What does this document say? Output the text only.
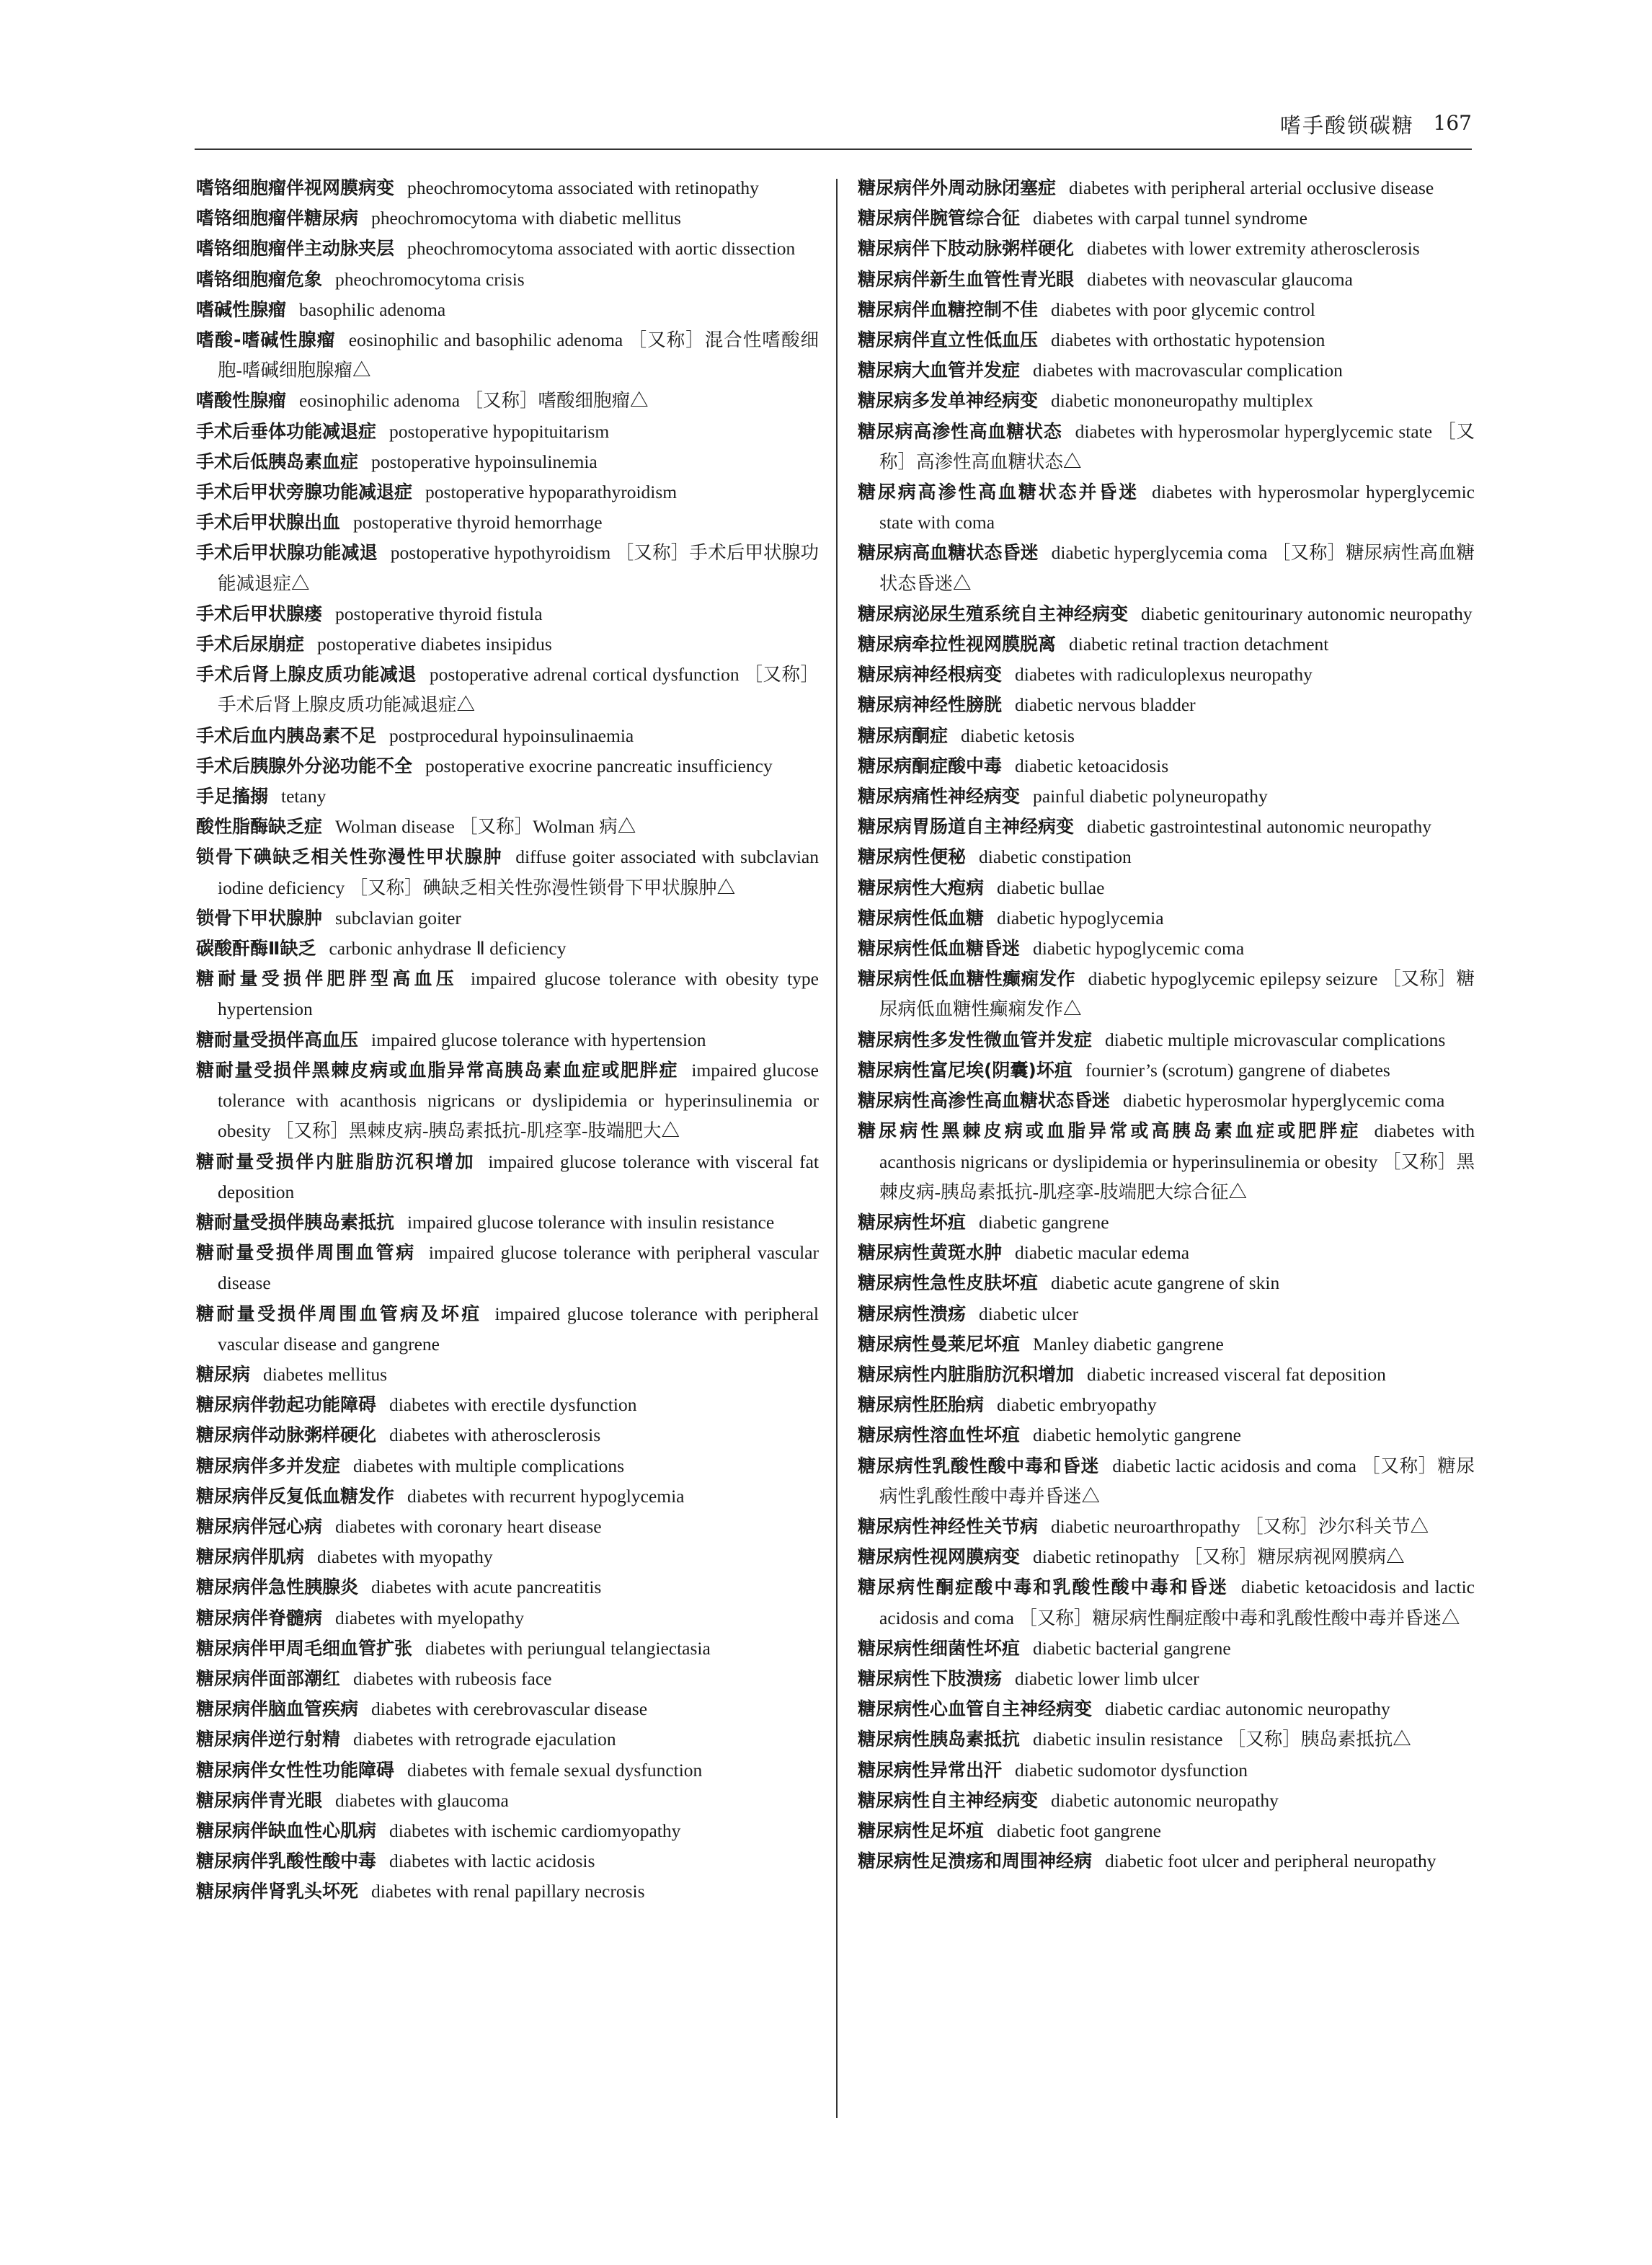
嗜手酸锁碳糖 167
嗜铬细胞瘤伴视网膜病变 pheochromocytoma associated with retinopathy
嗜铬细胞瘤伴糖尿病 pheochromocytoma with diabetic mellitus
嗜铬细胞瘤伴主动脉夹层 pheochromocytoma associated with aortic dissection
嗜铬细胞瘤危象 pheochromocytoma crisis
嗜碱性腺瘤 basophilic adenoma
嗜酸-嗜碱性腺瘤 eosinophilic and basophilic adenoma ［又称］混合性嗜酸细胞-嗜碱细胞腺瘤△
嗜酸性腺瘤 eosinophilic adenoma ［又称］嗜酸细胞瘤△
手术后垂体功能减退症 postoperative hypopituitarism
手术后低胰岛素血症 postoperative hypoinsulinemia
手术后甲状旁腺功能减退症 postoperative hypoparathyroidism
手术后甲状腺出血 postoperative thyroid hemorrhage
手术后甲状腺功能减退 postoperative hypothyroidism ［又称］手术后甲状腺功能减退症△
手术后甲状腺瘘 postoperative thyroid fistula
手术后尿崩症 postoperative diabetes insipidus
手术后肾上腺皮质功能减退 postoperative adrenal cortical dysfunction ［又称］手术后肾上腺皮质功能减退症△
手术后血内胰岛素不足 postprocedural hypoinsulinaemia
手术后胰腺外分泌功能不全 postoperative exocrine pancreatic insufficiency
手足搐搦 tetany
酸性脂酶缺乏症 Wolman disease ［又称］Wolman 病△
锁骨下碘缺乏相关性弥漫性甲状腺肿 diffuse goiter associated with subclavian iodine deficiency ［又称］碘缺乏相关性弥漫性锁骨下甲状腺肿△
锁骨下甲状腺肿 subclavian goiter
碳酸酐酶Ⅱ缺乏 carbonic anhydrase Ⅱ deficiency
糖耐量受损伴肥胖型高血压 impaired glucose tolerance with obesity type hypertension
糖耐量受损伴高血压 impaired glucose tolerance with hypertension
糖耐量受损伴黑棘皮病或血脂异常高胰岛素血症或肥胖症 impaired glucose tolerance with acanthosis nigricans or dyslipidemia or hyperinsulinemia or obesity ［又称］黑棘皮病-胰岛素抵抗-肌痉挛-肢端肥大△
糖耐量受损伴内脏脂肪沉积增加 impaired glucose tolerance with visceral fat deposition
糖耐量受损伴胰岛素抵抗 impaired glucose tolerance with insulin resistance
糖耐量受损伴周围血管病 impaired glucose tolerance with peripheral vascular disease
糖耐量受损伴周围血管病及坏疽 impaired glucose tolerance with peripheral vascular disease and gangrene
糖尿病 diabetes mellitus
糖尿病伴勃起功能障碍 diabetes with erectile dysfunction
糖尿病伴动脉粥样硬化 diabetes with atherosclerosis
糖尿病伴多并发症 diabetes with multiple complications
糖尿病伴反复低血糖发作 diabetes with recurrent hypoglycemia
糖尿病伴冠心病 diabetes with coronary heart disease
糖尿病伴肌病 diabetes with myopathy
糖尿病伴急性胰腺炎 diabetes with acute pancreatitis
糖尿病伴脊髓病 diabetes with myelopathy
糖尿病伴甲周毛细血管扩张 diabetes with periungual telangiectasia
糖尿病伴面部潮红 diabetes with rubeosis face
糖尿病伴脑血管疾病 diabetes with cerebrovascular disease
糖尿病伴逆行射精 diabetes with retrograde ejaculation
糖尿病伴女性性功能障碍 diabetes with female sexual dysfunction
糖尿病伴青光眼 diabetes with glaucoma
糖尿病伴缺血性心肌病 diabetes with ischemic cardiomyopathy
糖尿病伴乳酸性酸中毒 diabetes with lactic acidosis
糖尿病伴肾乳头坏死 diabetes with renal papillary necrosis
糖尿病伴外周动脉闭塞症 diabetes with peripheral arterial occlusive disease
糖尿病伴腕管综合征 diabetes with carpal tunnel syndrome
糖尿病伴下肢动脉粥样硬化 diabetes with lower extremity atherosclerosis
糖尿病伴新生血管性青光眼 diabetes with neovascular glaucoma
糖尿病伴血糖控制不佳 diabetes with poor glycemic control
糖尿病伴直立性低血压 diabetes with orthostatic hypotension
糖尿病大血管并发症 diabetes with macrovascular complication
糖尿病多发单神经病变 diabetic mononeuropathy multiplex
糖尿病高渗性高血糖状态 diabetes with hyperosmolar hyperglycemic state ［又称］高渗性高血糖状态△
糖尿病高渗性高血糖状态并昏迷 diabetes with hyperosmolar hyperglycemic state with coma
糖尿病高血糖状态昏迷 diabetic hyperglycemia coma ［又称］糖尿病性高血糖状态昏迷△
糖尿病泌尿生殖系统自主神经病变 diabetic genitourinary autonomic neuropathy
糖尿病牵拉性视网膜脱离 diabetic retinal traction detachment
糖尿病神经根病变 diabetes with radiculoplexus neuropathy
糖尿病神经性膀胱 diabetic nervous bladder
糖尿病酮症 diabetic ketosis
糖尿病酮症酸中毒 diabetic ketoacidosis
糖尿病痛性神经病变 painful diabetic polyneuropathy
糖尿病胃肠道自主神经病变 diabetic gastrointestinal autonomic neuropathy
糖尿病性便秘 diabetic constipation
糖尿病性大疱病 diabetic bullae
糖尿病性低血糖 diabetic hypoglycemia
糖尿病性低血糖昏迷 diabetic hypoglycemic coma
糖尿病性低血糖性癫痫发作 diabetic hypoglycemic epilepsy seizure ［又称］糖尿病低血糖性癫痫发作△
糖尿病性多发性微血管并发症 diabetic multiple microvascular complications
糖尿病性富尼埃(阴囊)坏疽 fournier’s (scrotum) gangrene of diabetes
糖尿病性高渗性高血糖状态昏迷 diabetic hyperosmolar hyperglycemic coma
糖尿病性黑棘皮病或血脂异常或高胰岛素血症或肥胖症 diabetes with acanthosis nigricans or dyslipidemia or hyperinsulinemia or obesity ［又称］黑棘皮病-胰岛素抵抗-肌痉挛-肢端肥大综合征△
糖尿病性坏疽 diabetic gangrene
糖尿病性黄斑水肿 diabetic macular edema
糖尿病性急性皮肤坏疽 diabetic acute gangrene of skin
糖尿病性溃疡 diabetic ulcer
糖尿病性曼莱尼坏疽 Manley diabetic gangrene
糖尿病性内脏脂肪沉积增加 diabetic increased visceral fat deposition
糖尿病性胚胎病 diabetic embryopathy
糖尿病性溶血性坏疽 diabetic hemolytic gangrene
糖尿病性乳酸性酸中毒和昏迷 diabetic lactic acidosis and coma ［又称］糖尿病性乳酸性酸中毒并昏迷△
糖尿病性神经性关节病 diabetic neuroarthropathy ［又称］沙尔科关节△
糖尿病性视网膜病变 diabetic retinopathy ［又称］糖尿病视网膜病△
糖尿病性酮症酸中毒和乳酸性酸中毒和昏迷 diabetic ketoacidosis and lactic acidosis and coma ［又称］糖尿病性酮症酸中毒和乳酸性酸中毒并昏迷△
糖尿病性细菌性坏疽 diabetic bacterial gangrene
糖尿病性下肢溃疡 diabetic lower limb ulcer
糖尿病性心血管自主神经病变 diabetic cardiac autonomic neuropathy
糖尿病性胰岛素抵抗 diabetic insulin resistance ［又称］胰岛素抵抗△
糖尿病性异常出汗 diabetic sudomotor dysfunction
糖尿病性自主神经病变 diabetic autonomic neuropathy
糖尿病性足坏疽 diabetic foot gangrene
糖尿病性足溃疡和周围神经病 diabetic foot ulcer and peripheral neuropathy
